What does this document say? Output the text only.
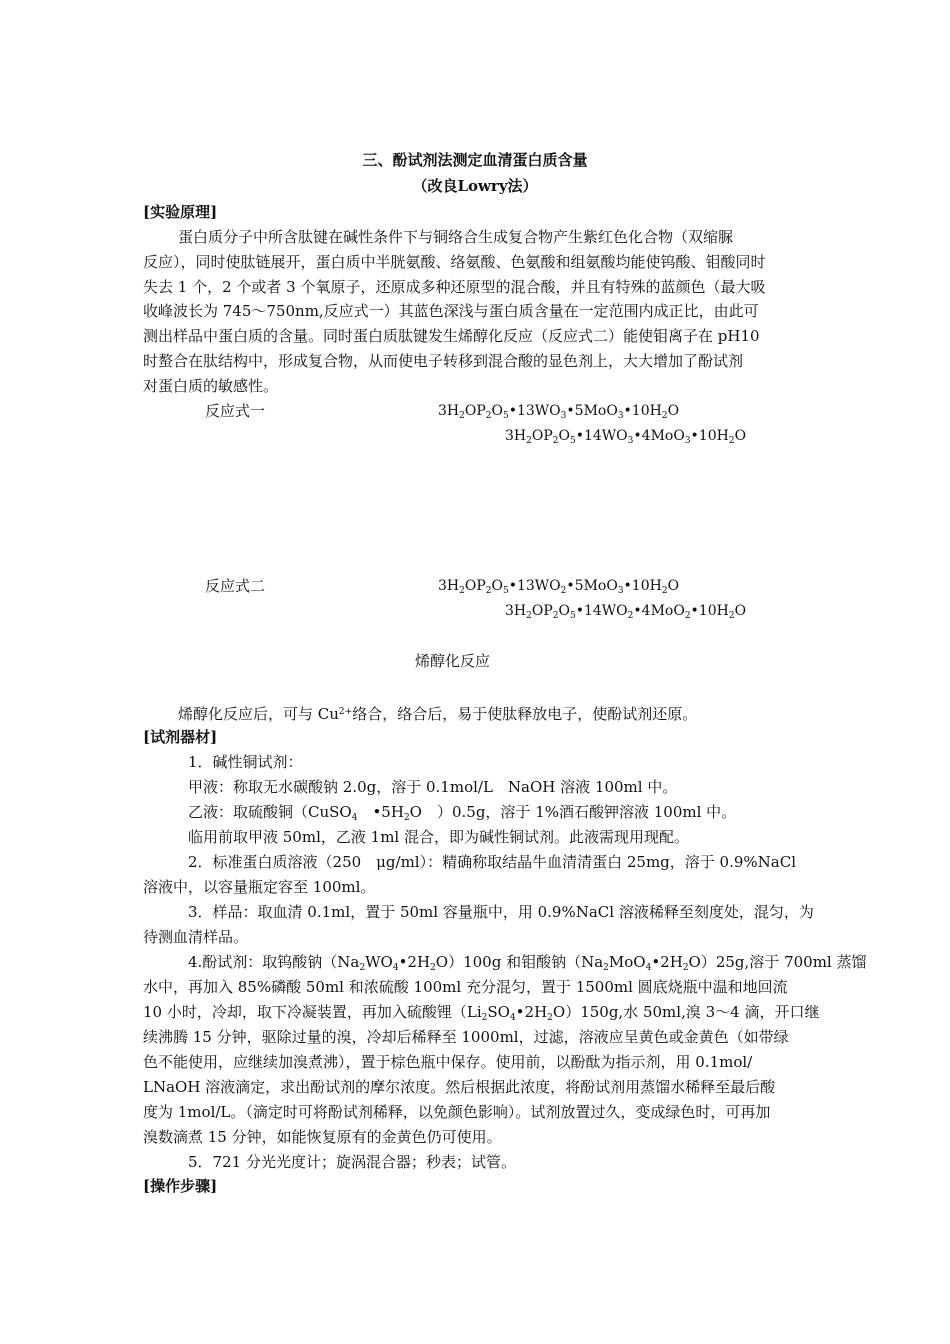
三、酚试剂法测定血清蛋白质含量
（改良Lowry法）
[实验原理]
蛋白质分子中所含肽键在碱性条件下与铜络合生成复合物产生紫红色化合物（双缩脲
反应），同时使肽链展开，蛋白质中半胱氨酸、络氨酸、色氨酸和组氨酸均能使钨酸、钼酸同时
失去 1 个，2 个或者 3 个氧原子，还原成多种还原型的混合酸，并且有特殊的蓝颜色（最大吸
收峰波长为 745～750nm,反应式一）其蓝色深浅与蛋白质含量在一定范围内成正比，由此可
测出样品中蛋白质的含量。同时蛋白质肽键发生烯醇化反应（反应式二）能使钼离子在 pH10
时螯合在肽结构中，形成复合物，从而使电子转移到混合酸的显色剂上，大大增加了酚试剂
对蛋白质的敏感性。
反应式一	$3H_2OP_2O_5•13WO_3•5MoO_3•10H_2O$
$3H_2OP_2O_5•14WO_3•4MoO_3•10H_2O$
反应式二	$3H_2OP_2O_5•13WO_2•5MoO_3•10H_2O$
$3H_2OP_2O_5•14WO_2•4MoO_2•10H_2O$
烯醇化反应
烯醇化反应后，可与 $Cu^{2+}$络合，络合后，易于使肽释放电子，使酚试剂还原。
[试剂器材]
1．碱性铜试剂：
甲液：称取无水碳酸钠 2.0g，溶于 0.1mol/L　NaOH 溶液 100ml 中。
乙液：取硫酸铜（CuSO$_4$　$•5H_2O$　）0.5g，溶于 1%酒石酸钾溶液 100ml 中。
临用前取甲液 50ml，乙液 1ml 混合，即为碱性铜试剂。此液需现用现配。
2．标准蛋白质溶液（250　μg/ml）：精确称取结晶牛血清清蛋白 25mg，溶于 0.9%NaCl
溶液中，以容量瓶定容至 100ml。
3．样品：取血清 0.1ml，置于 50ml 容量瓶中，用 0.9%NaCl 溶液稀释至刻度处，混匀，为
待测血清样品。
4.酚试剂：取钨酸钠$(Na_2WO_4•2H_2O)100g$ 和钼酸钠$(Na_2MoO_4•2H_2O)25g$,溶于 700ml 蒸馏
水中，再加入 85%磷酸 50ml 和浓硫酸 100ml 充分混匀，置于 1500ml 圆底烧瓶中温和地回流
10 小时，冷却，取下冷凝装置，再加入硫酸锂$(Li_2SO_4•2H_2O)150g$,水 50ml,溴 3～4 滴，开口继
续沸腾 15 分钟，驱除过量的溴，冷却后稀释至 1000ml，过滤，溶液应呈黄色或金黄色（如带绿
色不能使用，应继续加溴煮沸），置于棕色瓶中保存。使用前，以酚酞为指示剂，用 0.1mol/
LNaOH 溶液滴定，求出酚试剂的摩尔浓度。然后根据此浓度，将酚试剂用蒸馏水稀释至最后酸
度为 1mol/L。（滴定时可将酚试剂稀释，以免颜色影响）。试剂放置过久，变成绿色时，可再加
溴数滴煮 15 分钟，如能恢复原有的金黄色仍可使用。
5．721 分光光度计；旋涡混合器；秒表；试管。
[操作步骤]
